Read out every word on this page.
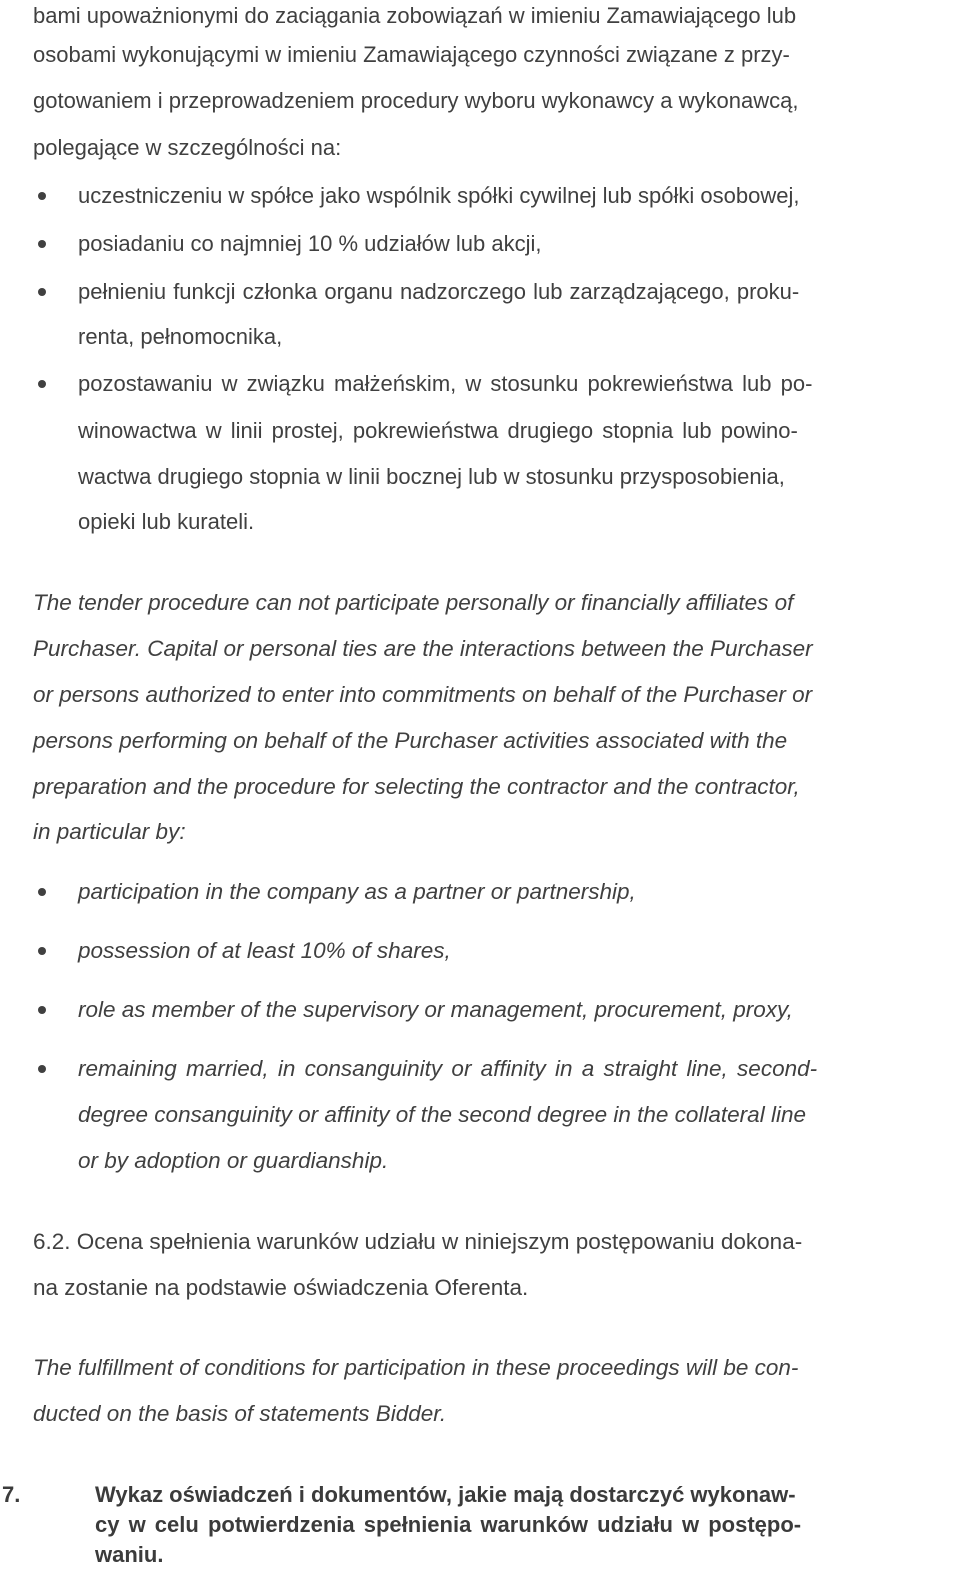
bami upoważnionymi do zaciągania zobowiązań w imieniu Zamawiającego lub
osobami wykonującymi w imieniu Zamawiającego czynności związane z przy-
gotowaniem i przeprowadzeniem procedury wyboru wykonawcy a wykonawcą,
polegające w szczególności na:
uczestniczeniu w spółce jako wspólnik spółki cywilnej lub spółki osobowej,
posiadaniu co najmniej 10 % udziałów lub akcji,
pełnieniu funkcji członka organu nadzorczego lub zarządzającego, proku-
renta, pełnomocnika,
pozostawaniu w związku małżeńskim, w stosunku pokrewieństwa lub po-
winowactwa w linii prostej, pokrewieństwa drugiego stopnia lub powino-
wactwa drugiego stopnia w linii bocznej lub w stosunku przysposobienia,
opieki lub kurateli.
The tender procedure can not participate personally or financially affiliates of
Purchaser. Capital or personal ties are the interactions between the Purchaser
or persons authorized to enter into commitments on behalf of the Purchaser or
persons performing on behalf of the Purchaser activities associated with the
preparation and the procedure for selecting the contractor and the contractor,
in particular by:
participation in the company as a partner or partnership,
possession of at least 10% of shares,
role as member of the supervisory or management, procurement, proxy,
remaining married, in consanguinity or affinity in a straight line, second-
degree consanguinity or affinity of the second degree in the collateral line
or by adoption or guardianship.
6.2. Ocena spełnienia warunków udziału w niniejszym postępowaniu dokona-
na zostanie na podstawie oświadczenia Oferenta.
The fulfillment of conditions for participation in these proceedings will be con-
ducted on the basis of statements Bidder.
7.	Wykaz oświadczeń i dokumentów, jakie mają dostarczyć wykonaw-
cy w celu potwierdzenia spełnienia warunków udziału w postępo-
waniu.
